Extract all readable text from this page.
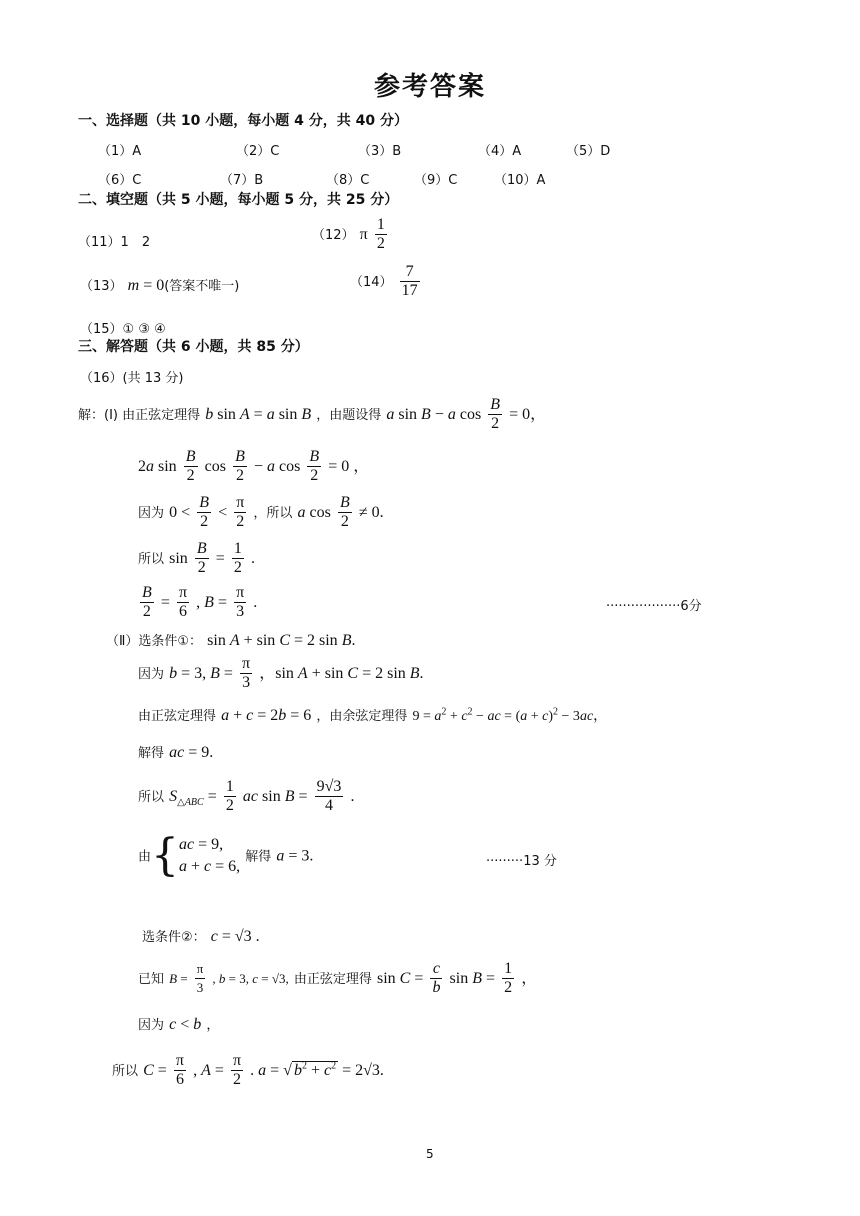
参考答案
一、选择题（共 10 小题，每小题 4 分，共 40 分）
（1）A	（2）C	（3）B	（4）A	（5）D
（6）C	（7）B	（8）C	（9）C	（10）A
二、填空题（共 5 小题，每小题 5 分，共 25 分）
（11）1　2	（12） π $\frac{1}{2}$
（13） m = 0(答案不唯一)	$(14) \frac{7}{17}$
（15）① ③ ④
三、解答题（共 6 小题，共 85 分）
（16）(共 13 分)
解：(Ⅰ) 由正弦定理得 b sin A = a sin B ，由题设得 a sin B − a $\cos \frac{B}{2} = 0$，
2a $\sin \frac{B}{2}$ $\cos \frac{B}{2} - a$ $\cos \frac{B}{2} = 0$ ，
因为 $0 < \frac{B}{2} < \frac{\pi}{2}$ ，所以 a $\cos \frac{B}{2} \ne 0$.
所以 $\sin \frac{B}{2} = \frac{1}{2}$ .
$\frac{B}{2} = \frac{\pi}{6}$ , $B = \frac{\pi}{3}$ .	··················6分
（Ⅱ）选条件①： sin A + sin C = 2 sin B.
因为 b = 3, $B = \frac{\pi}{3}$ ，sin A + sin C = 2 sin B.
由正弦定理得 a + c = 2b = 6 ，由余弦定理得 $9 = a^2 + c^2$ − ac = $(a + c)^2 - 3ac$，
解得 ac = 9.
所以 $S_{\triangle ABC} = \frac{1}{2}$ ac $\sin B = \frac{9√3}{4}$ .
由{ac = 9,
a + c = 6, 解得 a = 3.	·········13 分
选条件②： c = √3 .
已知 $B = \frac{\pi}{3}$ , b = 3, c = √3, 由正弦定理得 $\sin C = \frac{c}{b}$ $\sin B = \frac{1}{2}$ ，
因为 c < b ，
所以 $C = \frac{\pi}{6}$ , $A = \frac{\pi}{2}$ . a = √ $b^2 + c^2 = 2√3$.
5
